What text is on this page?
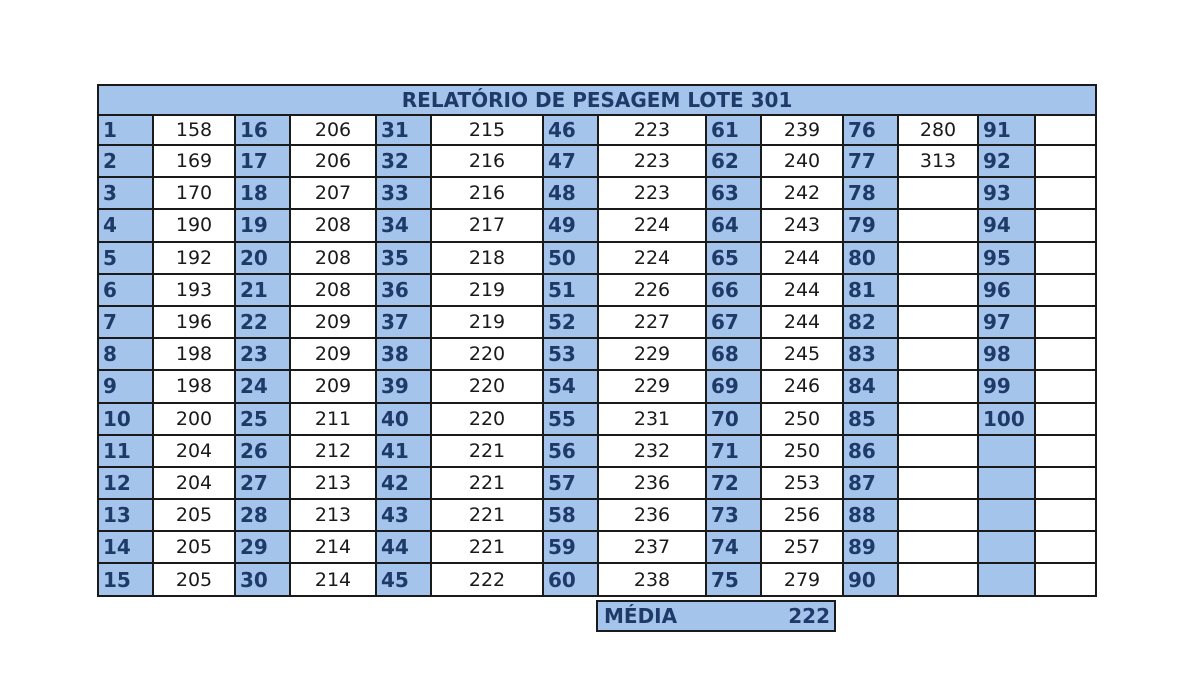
RELATÓRIO DE PESAGEM LOTE 301													
1	158	16	206	31	215	46	223	61	239	76	280	91	
2	169	17	206	32	216	47	223	62	240	77	313	92	
3	170	18	207	33	216	48	223	63	242	78		93	
4	190	19	208	34	217	49	224	64	243	79		94	
5	192	20	208	35	218	50	224	65	244	80		95	
6	193	21	208	36	219	51	226	66	244	81		96	
7	196	22	209	37	219	52	227	67	244	82		97	
8	198	23	209	38	220	53	229	68	245	83		98	
9	198	24	209	39	220	54	229	69	246	84		99	
10	200	25	211	40	220	55	231	70	250	85		100	
11	204	26	212	41	221	56	232	71	250	86			
12	204	27	213	42	221	57	236	72	253	87			
13	205	28	213	43	221	58	236	73	256	88			
14	205	29	214	44	221	59	237	74	257	89			
15	205	30	214	45	222	60	238	75	279	90			
MÉDIA	222
